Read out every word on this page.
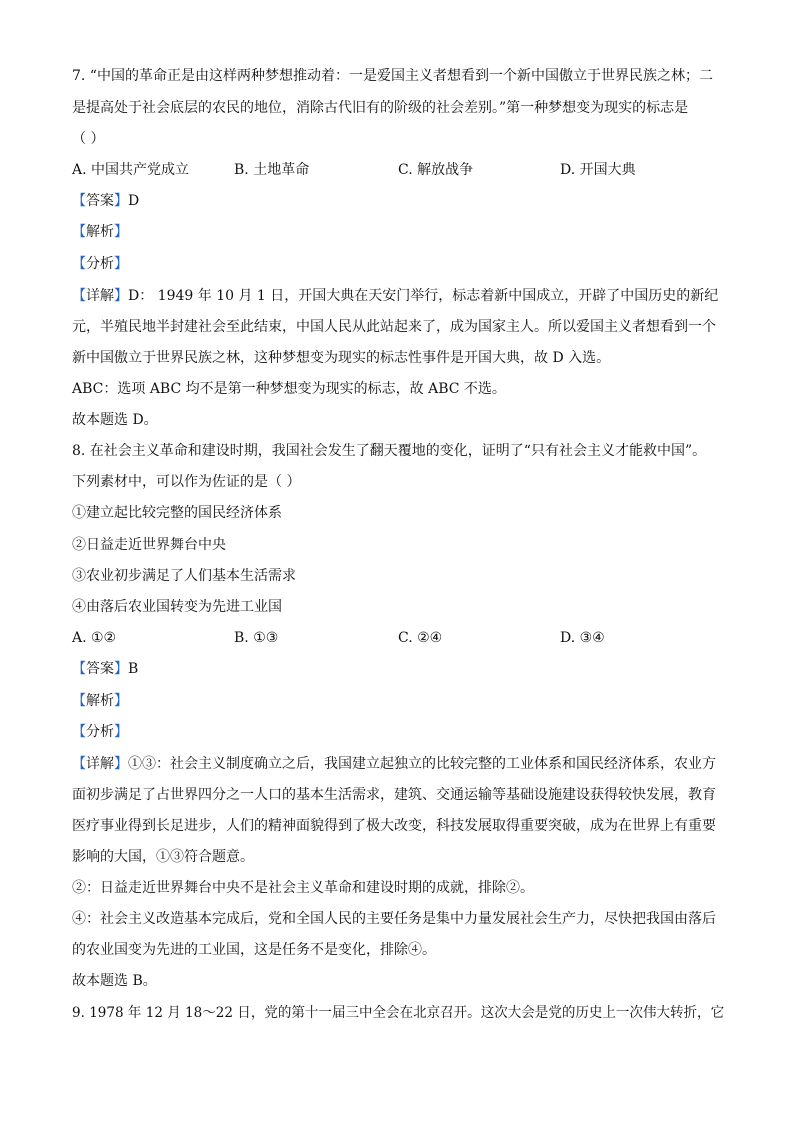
7. “中国的革命正是由这样两种梦想推动着：一是爱国主义者想看到一个新中国傲立于世界民族之林；二
是提高处于社会底层的农民的地位，消除古代旧有的阶级的社会差别。”第一种梦想变为现实的标志是
（ ）
A. 中国共产党成立	B. 土地革命	C. 解放战争	D. 开国大典
【答案】D
【解析】
【分析】
【详解】D： 1949 年 10 月 1 日，开国大典在天安门举行，标志着新中国成立，开辟了中国历史的新纪
元，半殖民地半封建社会至此结束，中国人民从此站起来了，成为国家主人。所以爱国主义者想看到一个
新中国傲立于世界民族之林，这种梦想变为现实的标志性事件是开国大典，故 D 入选。
ABC：选项 ABC 均不是第一种梦想变为现实的标志，故 ABC 不选。
故本题选 D。
8. 在社会主义革命和建设时期，我国社会发生了翻天覆地的变化，证明了“只有社会主义才能救中国”。
下列素材中，可以作为佐证的是（ ）
①建立起比较完整的国民经济体系
②日益走近世界舞台中央
③农业初步满足了人们基本生活需求
④由落后农业国转变为先进工业国
A. ①②	B. ①③	C. ②④	D. ③④
【答案】B
【解析】
【分析】
【详解】①③：社会主义制度确立之后，我国建立起独立的比较完整的工业体系和国民经济体系，农业方
面初步满足了占世界四分之一人口的基本生活需求，建筑、交通运输等基础设施建设获得较快发展，教育
医疗事业得到长足进步，人们的精神面貌得到了极大改变，科技发展取得重要突破，成为在世界上有重要
影响的大国，①③符合题意。
②：日益走近世界舞台中央不是社会主义革命和建设时期的成就，排除②。
④：社会主义改造基本完成后，党和全国人民的主要任务是集中力量发展社会生产力，尽快把我国由落后
的农业国变为先进的工业国，这是任务不是变化，排除④。
故本题选 B。
9. 1978 年 12 月 18～22 日，党的第十一届三中全会在北京召开。这次大会是党的历史上一次伟大转折，它
